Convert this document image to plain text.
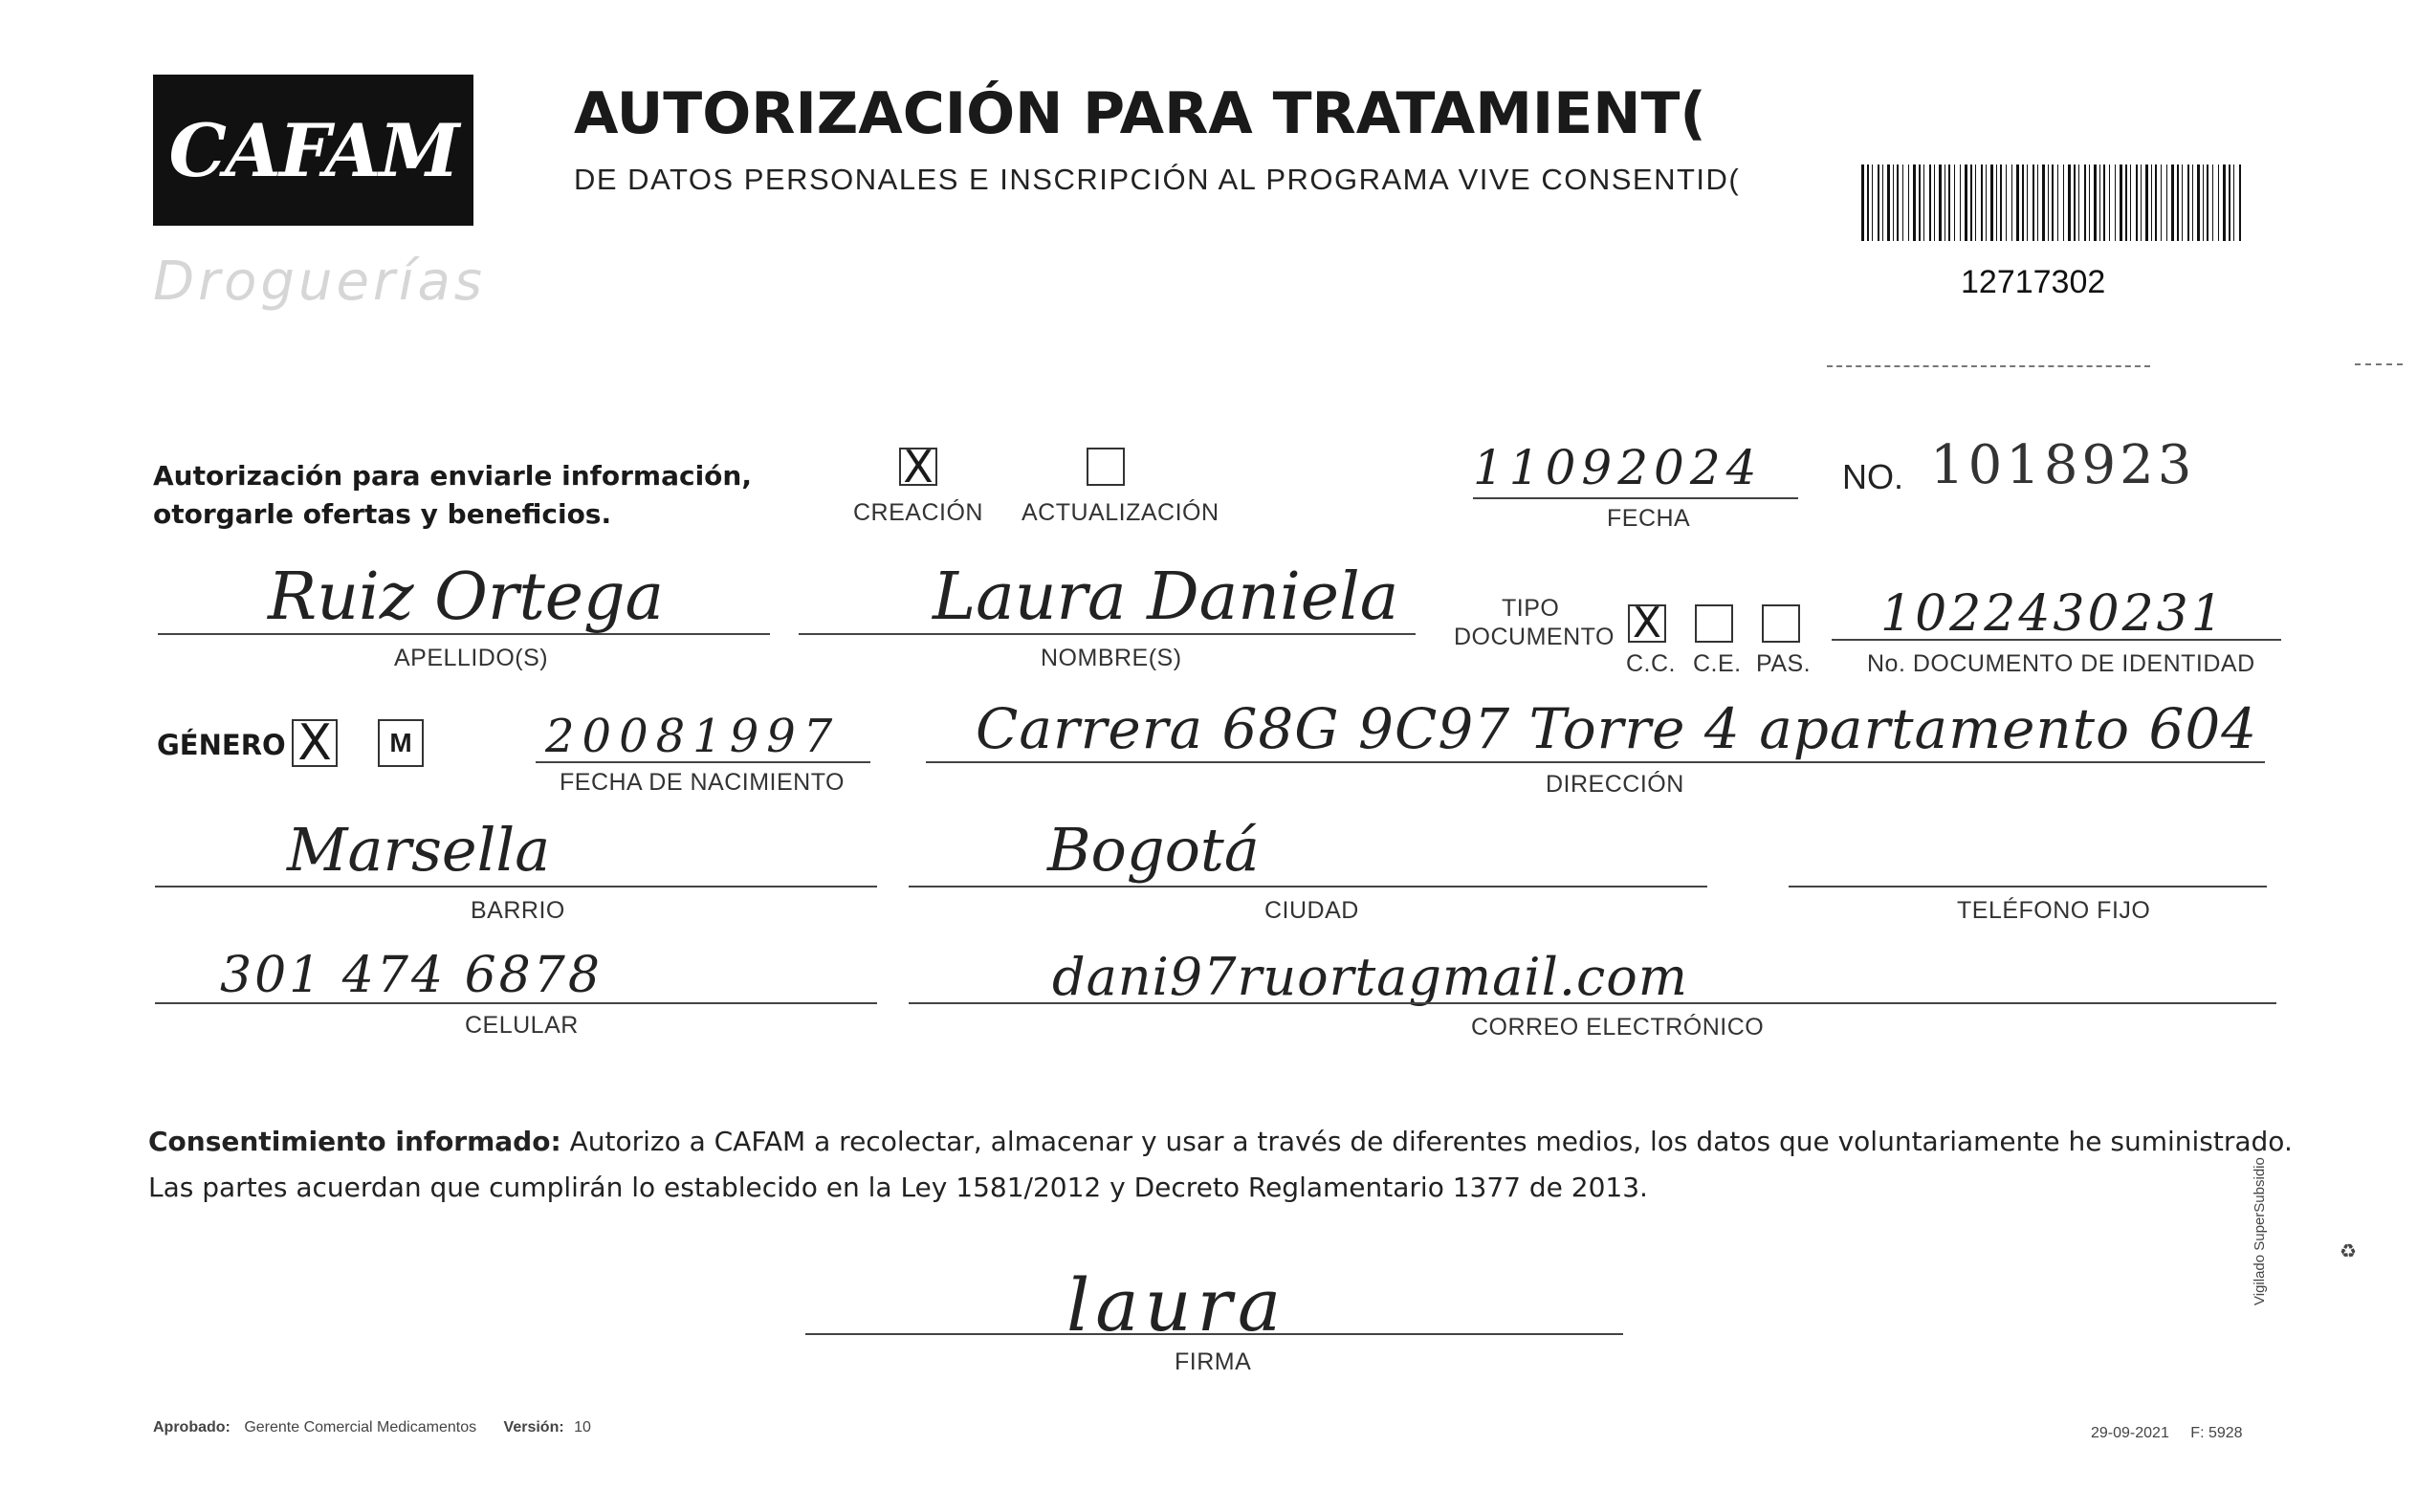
CAFAM
Droguerías
AUTORIZACIÓN PARA TRATAMIENT(
DE DATOS PERSONALES E INSCRIPCIÓN AL PROGRAMA VIVE CONSENTID(
12717302
Autorización para enviarle información,
otorgarle ofertas y beneficios.
X
CREACIÓN ACTUALIZACIÓN
11092024
FECHA
NO. 1018923
Ruiz Ortega
APELLIDO(S)
Laura Daniela
NOMBRE(S)
TIPO
DOCUMENTO X
C.C. C.E. PAS.
1022430231
No. DOCUMENTO DE IDENTIDAD
GÉNERO X M	20081997
FECHA DE NACIMIENTO
Carrera 68G 9C97 Torre 4 apartamento 604
DIRECCIÓN
Marsella
BARRIO
Bogotá
CIUDAD	TELÉFONO FIJO
301 474 6878
CELULAR
dani97ruortagmail.com
CORREO ELECTRÓNICO
Consentimiento informado: Autorizo a CAFAM a recolectar, almacenar y usar a través de diferentes medios, los datos que voluntariamente he suministrado.
Las partes acuerdan que cumplirán lo establecido en la Ley 1581/2012 y Decreto Reglamentario 1377 de 2013.
laura
FIRMA
Aprobado: Gerente Comercial Medicamentos Versión: 10	29-09-2021 F: 5928
Vigilado SuperSubsidio	♻
